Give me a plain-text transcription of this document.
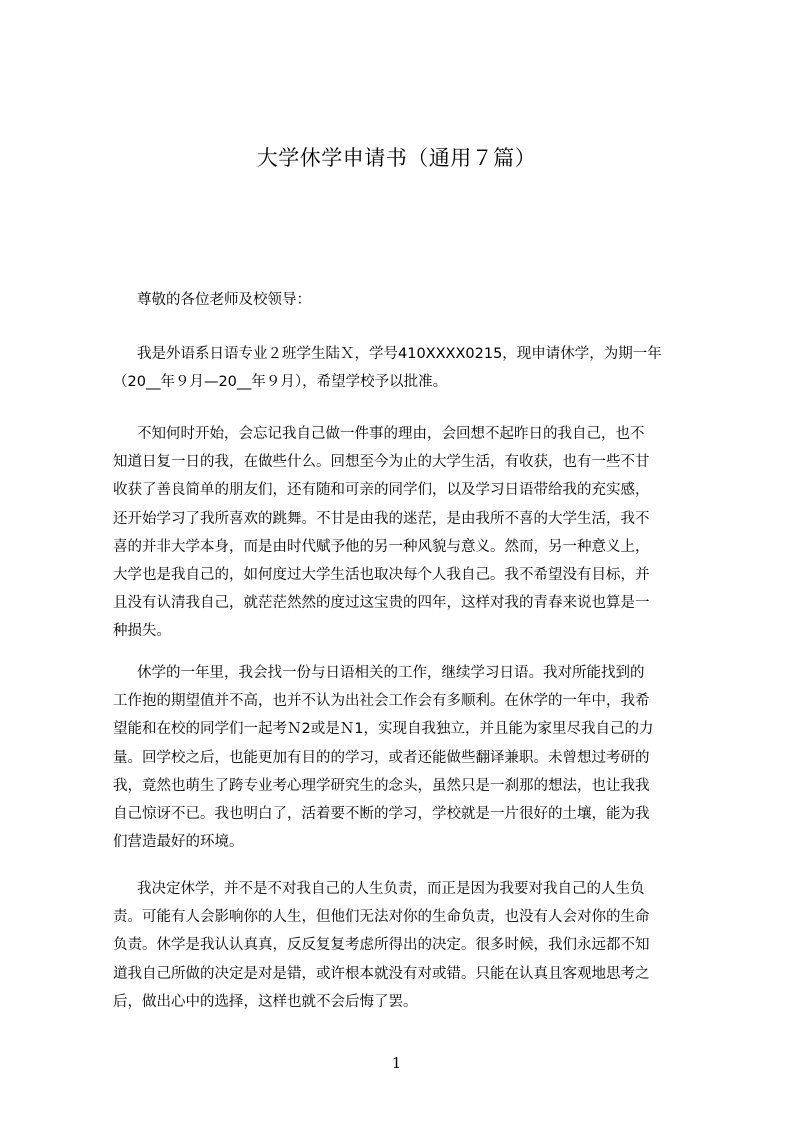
大学休学申请书（通用７篇）
尊敬的各位老师及校领导：
我是外语系日语专业２班学生陆Ｘ，学号410XXXX0215，现申请休学，为期一年
（20__年９月—20__年９月），希望学校予以批准。
不知何时开始，会忘记我自己做一件事的理由，会回想不起昨日的我自己，也不
知道日复一日的我，在做些什么。回想至今为止的大学生活，有收获，也有一些不甘
收获了善良简单的朋友们，还有随和可亲的同学们，以及学习日语带给我的充实感，
还开始学习了我所喜欢的跳舞。不甘是由我的迷茫，是由我所不喜的大学生活，我不
喜的并非大学本身，而是由时代赋予他的另一种风貌与意义。然而，另一种意义上，
大学也是我自己的，如何度过大学生活也取决每个人我自己。我不希望没有目标，并
且没有认清我自己，就茫茫然然的度过这宝贵的四年，这样对我的青春来说也算是一
种损失。
休学的一年里，我会找一份与日语相关的工作，继续学习日语。我对所能找到的
工作抱的期望值并不高，也并不认为出社会工作会有多顺利。在休学的一年中，我希
望能和在校的同学们一起考Ｎ2或是Ｎ1，实现自我独立，并且能为家里尽我自己的力
量。回学校之后，也能更加有目的的学习，或者还能做些翻译兼职。未曾想过考研的
我，竟然也萌生了跨专业考心理学研究生的念头，虽然只是一刹那的想法，也让我我
自己惊讶不已。我也明白了，活着要不断的学习，学校就是一片很好的土壤，能为我
们营造最好的环境。
我决定休学，并不是不对我自己的人生负责，而正是因为我要对我自己的人生负
责。可能有人会影响你的人生，但他们无法对你的生命负责，也没有人会对你的生命
负责。休学是我认认真真，反反复复考虑所得出的决定。很多时候，我们永远都不知
道我自己所做的决定是对是错，或许根本就没有对或错。只能在认真且客观地思考之
后，做出心中的选择，这样也就不会后悔了罢。
1
